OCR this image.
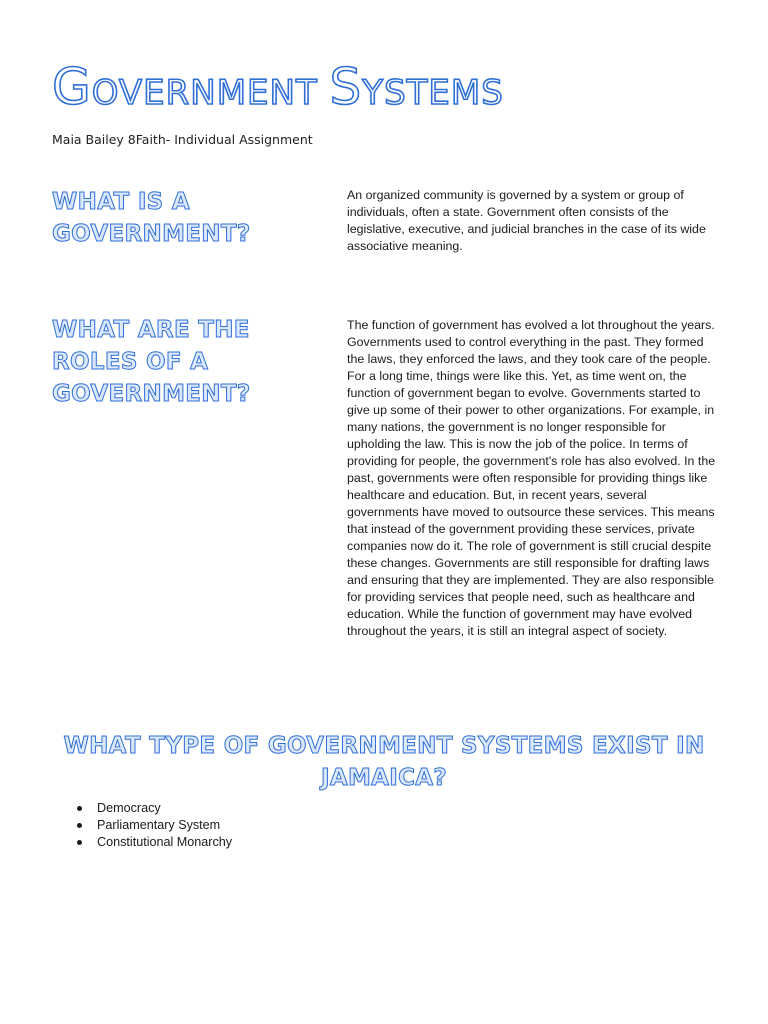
GOVERNMENT SYSTEMS

Maia Bailey 8Faith- Individual Assignment

WHAT IS A
GOVERNMENT?

An organized community is governed by a system or group of individuals, often a state. Government often consists of the legislative, executive, and judicial branches in the case of its wide associative meaning.

WHAT ARE THE
ROLES OF A
GOVERNMENT?

The function of government has evolved a lot throughout the years. Governments used to control everything in the past. They formed the laws, they enforced the laws, and they took care of the people. For a long time, things were like this. Yet, as time went on, the function of government began to evolve. Governments started to give up some of their power to other organizations. For example, in many nations, the government is no longer responsible for upholding the law. This is now the job of the police. In terms of providing for people, the government's role has also evolved. In the past, governments were often responsible for providing things like healthcare and education. But, in recent years, several governments have moved to outsource these services. This means that instead of the government providing these services, private companies now do it. The role of government is still crucial despite these changes. Governments are still responsible for drafting laws and ensuring that they are implemented. They are also responsible for providing services that people need, such as healthcare and education. While the function of government may have evolved throughout the years, it is still an integral aspect of society.

WHAT TYPE OF GOVERNMENT SYSTEMS EXIST IN
JAMAICA?
Democracy
Parliamentary System
Constitutional Monarchy
